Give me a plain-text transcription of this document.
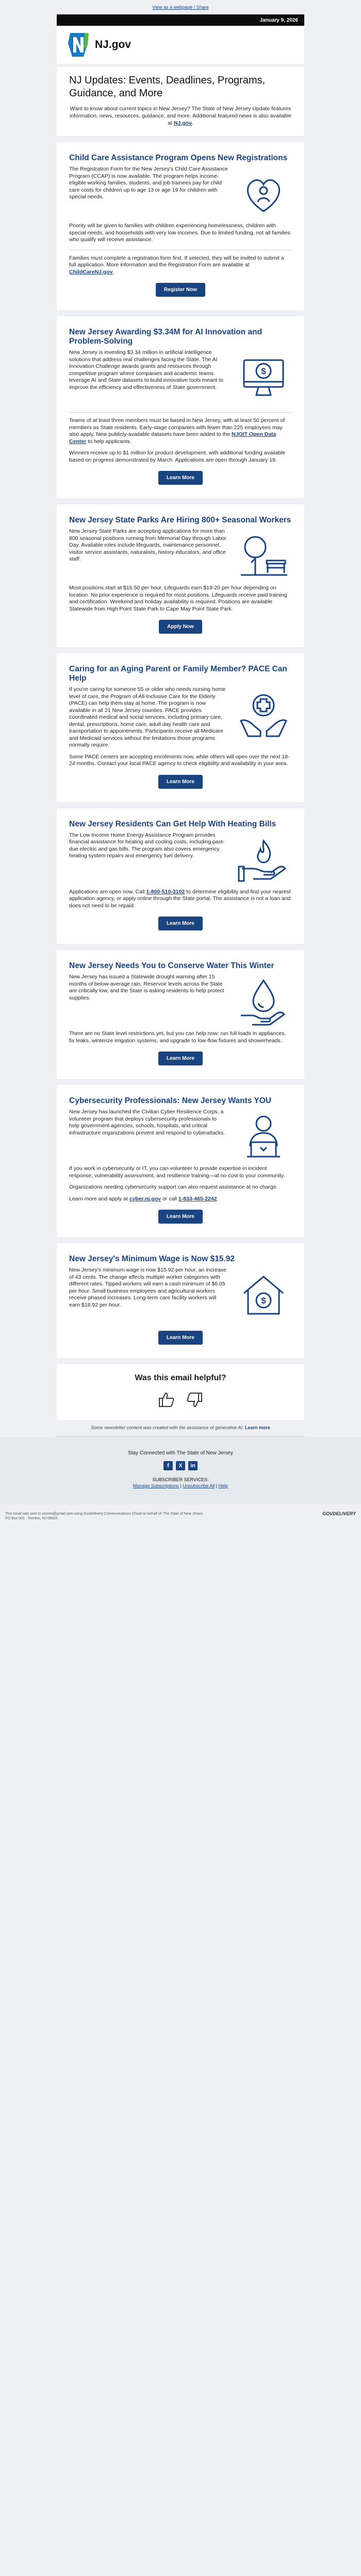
View as a webpage / Share
January 9, 2026
NJ.gov
NJ Updates: Events, Deadlines, Programs, Guidance, and More

Want to know about current topics in New Jersey? The State of New Jersey Update features information, news, resources, guidance, and more. Additional featured news is also available at NJ.gov.

Child Care Assistance Program Opens New Registrations

The Registration Form for the New Jersey's Child Care Assistance Program (CCAP) is now available. The program helps income-eligible working families, students, and job trainees pay for child care costs for children up to age 13 or age 19 for children with special needs.

Priority will be given to families with children experiencing homelessness, children with special needs, and households with very low incomes. Due to limited funding, not all families who qualify will receive assistance.

Families must complete a registration form first. If selected, they will be invited to submit a full application. More information and the Registration Form are available at ChildCareNJ.gov.

Register Now
New Jersey Awarding $3.34M for AI Innovation and Problem-Solving

New Jersey is investing $3.34 million in artificial intelligence solutions that address real challenges facing the State. The AI Innovation Challenge awards grants and resources through competitive program where companies and academic teams leverage AI and State datasets to build innovative tools meant to improve the efficiency and effectiveness of State government.

$

Teams of at least three members must be based in New Jersey, with at least 50 percent of members as State residents. Early-stage companies with fewer than 225 employees may also apply. New publicly-available datasets have been added to the NJOIT Open Data Center to help applicants.

Winners receive up to $1 million for product development, with additional funding available based on progress demonstrated by March. Applications are open through January 19.

Learn More
New Jersey State Parks Are Hiring 800+ Seasonal Workers

New Jersey State Parks are accepting applications for more than 800 seasonal positions running from Memorial Day through Labor Day. Available roles include lifeguards, maintenance personnel, visitor service assistants, naturalists, history educators, and office staff.

Most positions start at $16.50 per hour. Lifeguards earn $19-20 per hour depending on location. No prior experience is required for most positions. Lifeguards receive paid training and certification. Weekend and holiday availability is required. Positions are available Statewide from High Point State Park to Cape May Point State Park.

Apply Now
Caring for an Aging Parent or Family Member? PACE Can Help

If you're caring for someone 55 or older who needs nursing home level of care, the Program of All-Inclusive Care for the Elderly (PACE) can help them stay at home. The program is now available in all 21 New Jersey counties. PACE provides coordinated medical and social services, including primary care, dental, prescriptions, home care, adult day health care and transportation to appointments. Participants receive all Medicare and Medicaid services without the limitations those programs normally require.

Some PACE centers are accepting enrollments now, while others will open over the next 18-24 months. Contact your local PACE agency to check eligibility and availability in your area.

Learn More
New Jersey Residents Can Get Help With Heating Bills

The Low Income Home Energy Assistance Program provides financial assistance for heating and cooling costs, including past-due electric and gas bills. The program also covers emergency heating system repairs and emergency fuel delivery.

Applications are open now. Call 1-800-510-3102 to determine eligibility and find your nearest application agency, or apply online through the State portal. The assistance is not a loan and does not need to be repaid.

Learn More
New Jersey Needs You to Conserve Water This Winter

New Jersey has issued a Statewide drought warning after 15 months of below-average rain. Reservoir levels across the State are critically low, and the State is asking residents to help protect supplies.

There are no State level restrictions yet, but you can help now: run full loads in appliances, fix leaks, winterize irrigation systems, and upgrade to low-flow fixtures and showerheads.

Learn More
Cybersecurity Professionals: New Jersey Wants YOU

New Jersey has launched the Civilian Cyber Resilience Corps, a volunteer program that deploys cybersecurity professionals to help government agencies, schools, hospitals, and critical infrastructure organizations prevent and respond to cyberattacks.

If you work in cybersecurity or IT, you can volunteer to provide expertise in incident response, vulnerability assessment, and resilience training—at no cost to your community.

Organizations needing cybersecurity support can also request assistance at no charge.

Learn more and apply at cyber.nj.gov or call 1-833-465-2242.

Learn More
New Jersey's Minimum Wage is Now $15.92

New Jersey's minimum wage is now $15.92 per hour, an increase of 43 cents. The change affects multiple worker categories with different rates. Tipped workers will earn a cash minimum of $6.05 per hour. Small business employees and agricultural workers receive phased increases. Long-term care facility workers will earn $18.92 per hour.	$
Learn More
Was this email helpful?
Some newsletter content was created with the assistance of generative AI. Learn more
Stay Connected with The State of New Jersey
f	X	in
SUBSCRIBER SERVICES:
Manage Subscriptions | Unsubscribe All | Help
This email was sent to xxxxxx@gmail.com using GovDelivery Communications Cloud on behalf of: The State of New Jersey
PO Box 001 · Trenton, NJ 08625
GOVDELIVERY
